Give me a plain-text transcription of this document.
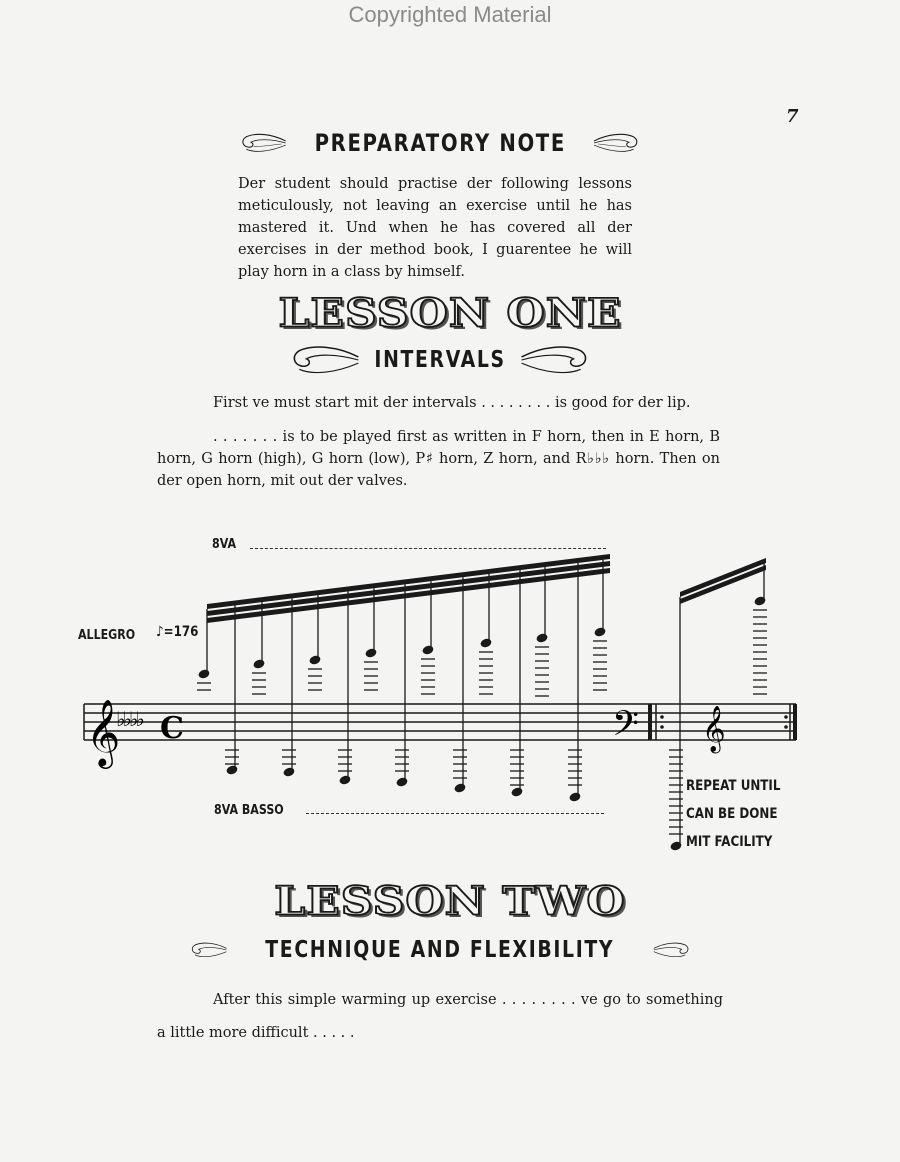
Copyrighted Material
7
PREPARATORY NOTE

Der student should practise der following lessons meticulously, not leaving an exercise until he has mastered it. Und when he has covered all der exercises in der method book, I guarentee he will play horn in a class by himself.

LESSON ONE
INTERVALS

First ve must start mit der intervals . . . . . . . . is good for der lip.

. . . . . . . is to be played first as written in F horn, then in E horn, B horn, G horn (high), G horn (low), P♯ horn, Z horn, and R♭♭♭ horn. Then on der open horn, mit out der valves.

8VA
ALLEGRO ♪=176
8VA BASSO
REPEAT UNTIL
CAN BE DONE
MIT FACILITY
𝄞
♭♭♭♭ C	𝄢 𝄞
LESSON TWO
TECHNIQUE AND FLEXIBILITY

After this simple warming up exercise . . . . . . . . ve go to something a little more difficult . . . . .
